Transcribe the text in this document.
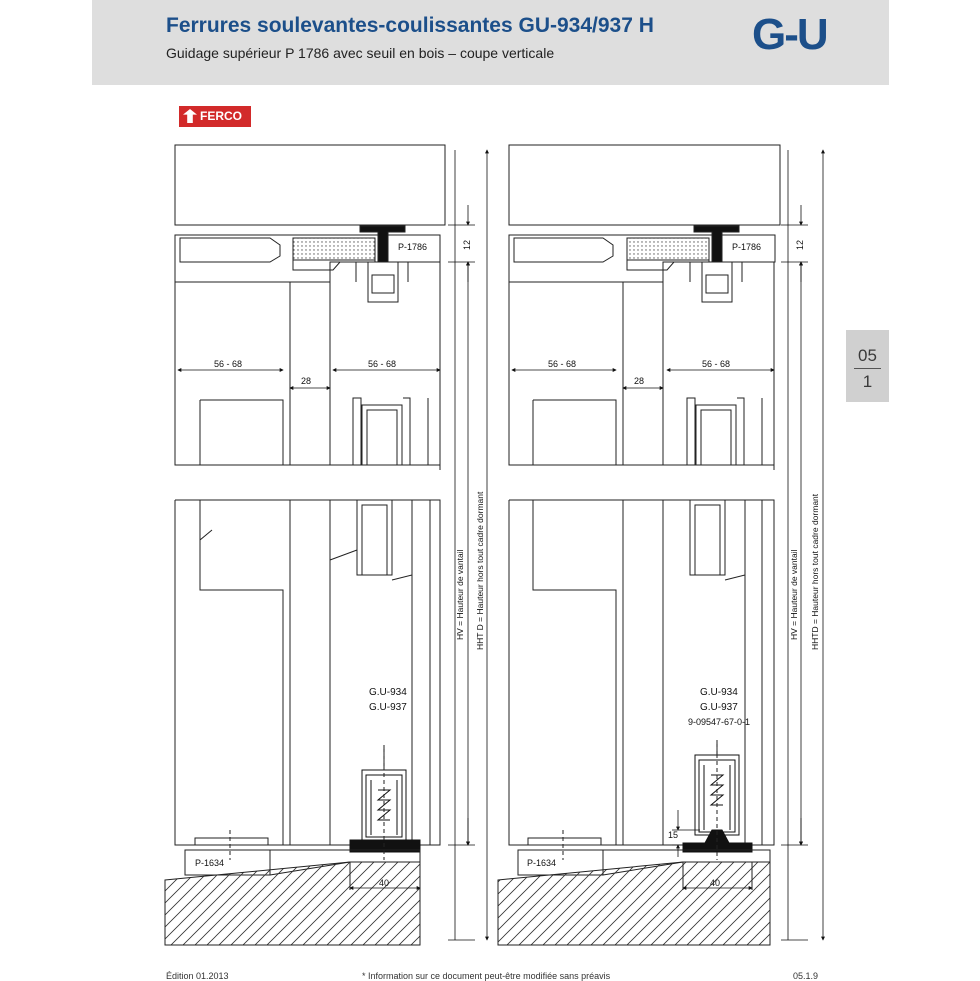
Ferrures soulevantes-coulissantes GU-934/937 H
Guidage supérieur P 1786 avec seuil en bois – coupe verticale	G-U
FERCO
05
1
P-1786	12
56 - 68
28
56 - 68
HV = Hauteur de vantail HHT D = Hauteur hors tout cadre dormant
G.U-934
G.U-937
P-1634
40
P-1786	12
56 - 68
28
56 - 68
HV = Hauteur de vantail HHTD = Hauteur hors tout cadre dormant
G.U-934
G.U-937
9-09547-67-0-1
15
P-1634
40
Édition 01.2013	* Information sur ce document peut-être modifiée sans préavis	05.1.9
